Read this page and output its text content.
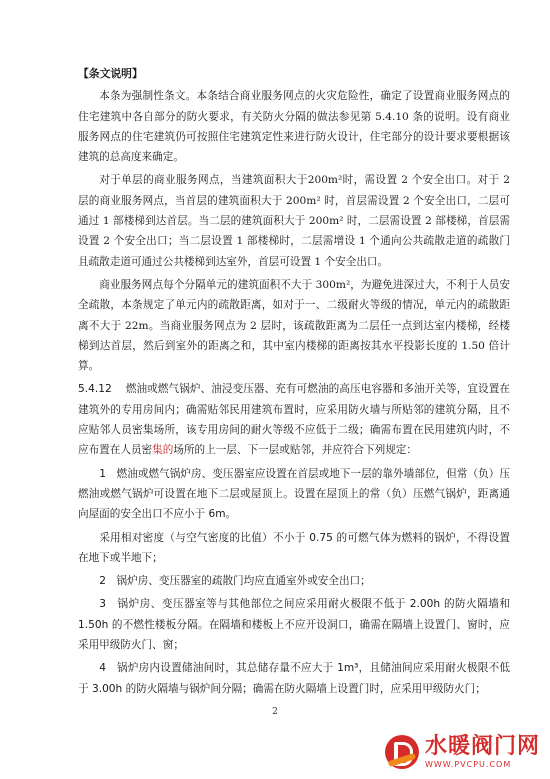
【条文说明】

本条为强制性条文。本条结合商业服务网点的火灾危险性，确定了设置商业服务网点的住宅建筑中各自部分的防火要求，有关防火分隔的做法参见第 5.4.10 条的说明。设有商业服务网点的住宅建筑仍可按照住宅建筑定性来进行防火设计，住宅部分的设计要求要根据该建筑的总高度来确定。

对于单层的商业服务网点，当建筑面积大于200m²时，需设置 2 个安全出口。对于 2 层的商业服务网点，当首层的建筑面积大于 200m² 时，首层需设置 2 个安全出口，二层可通过 1 部楼梯到达首层。当二层的建筑面积大于 200m² 时，二层需设置 2 部楼梯，首层需设置 2 个安全出口；当二层设置 1 部楼梯时，二层需增设 1 个通向公共疏散走道的疏散门且疏散走道可通过公共楼梯到达室外，首层可设置 1 个安全出口。

商业服务网点每个分隔单元的建筑面积不大于 300m²，为避免进深过大，不利于人员安全疏散，本条规定了单元内的疏散距离，如对于一、二级耐火等级的情况，单元内的疏散距离不大于 22m。当商业服务网点为 2 层时，该疏散距离为二层任一点到达室内楼梯，经楼梯到达首层，然后到室外的距离之和，其中室内楼梯的距离按其水平投影长度的 1.50 倍计算。

5.4.12 燃油或燃气锅炉、油浸变压器、充有可燃油的高压电容器和多油开关等，宜设置在建筑外的专用房间内；确需贴邻民用建筑布置时，应采用防火墙与所贴邻的建筑分隔，且不应贴邻人员密集场所，该专用房间的耐火等级不应低于二级；确需布置在民用建筑内时，不应布置在人员密集的场所的上一层、下一层或贴邻，并应符合下列规定：

1　燃油或燃气锅炉房、变压器室应设置在首层或地下一层的靠外墙部位，但常（负）压燃油或燃气锅炉可设置在地下二层或屋顶上。设置在屋顶上的常（负）压燃气锅炉，距离通向屋面的安全出口不应小于 6m。

采用相对密度（与空气密度的比值）不小于 0.75 的可燃气体为燃料的锅炉，不得设置在地下或半地下；

2　锅炉房、变压器室的疏散门均应直通室外或安全出口；

3　锅炉房、变压器室等与其他部位之间应采用耐火极限不低于 2.00h 的防火隔墙和 1.50h 的不燃性楼板分隔。在隔墙和楼板上不应开设洞口，确需在隔墙上设置门、窗时，应采用甲级防火门、窗；

4　锅炉房内设置储油间时，其总储存量不应大于 1m³，且储油间应采用耐火极限不低于 3.00h 的防火隔墙与锅炉间分隔；确需在防火隔墙上设置门时，应采用甲级防火门；

2
水暖阀门网
WWW.PVCPU.COM
